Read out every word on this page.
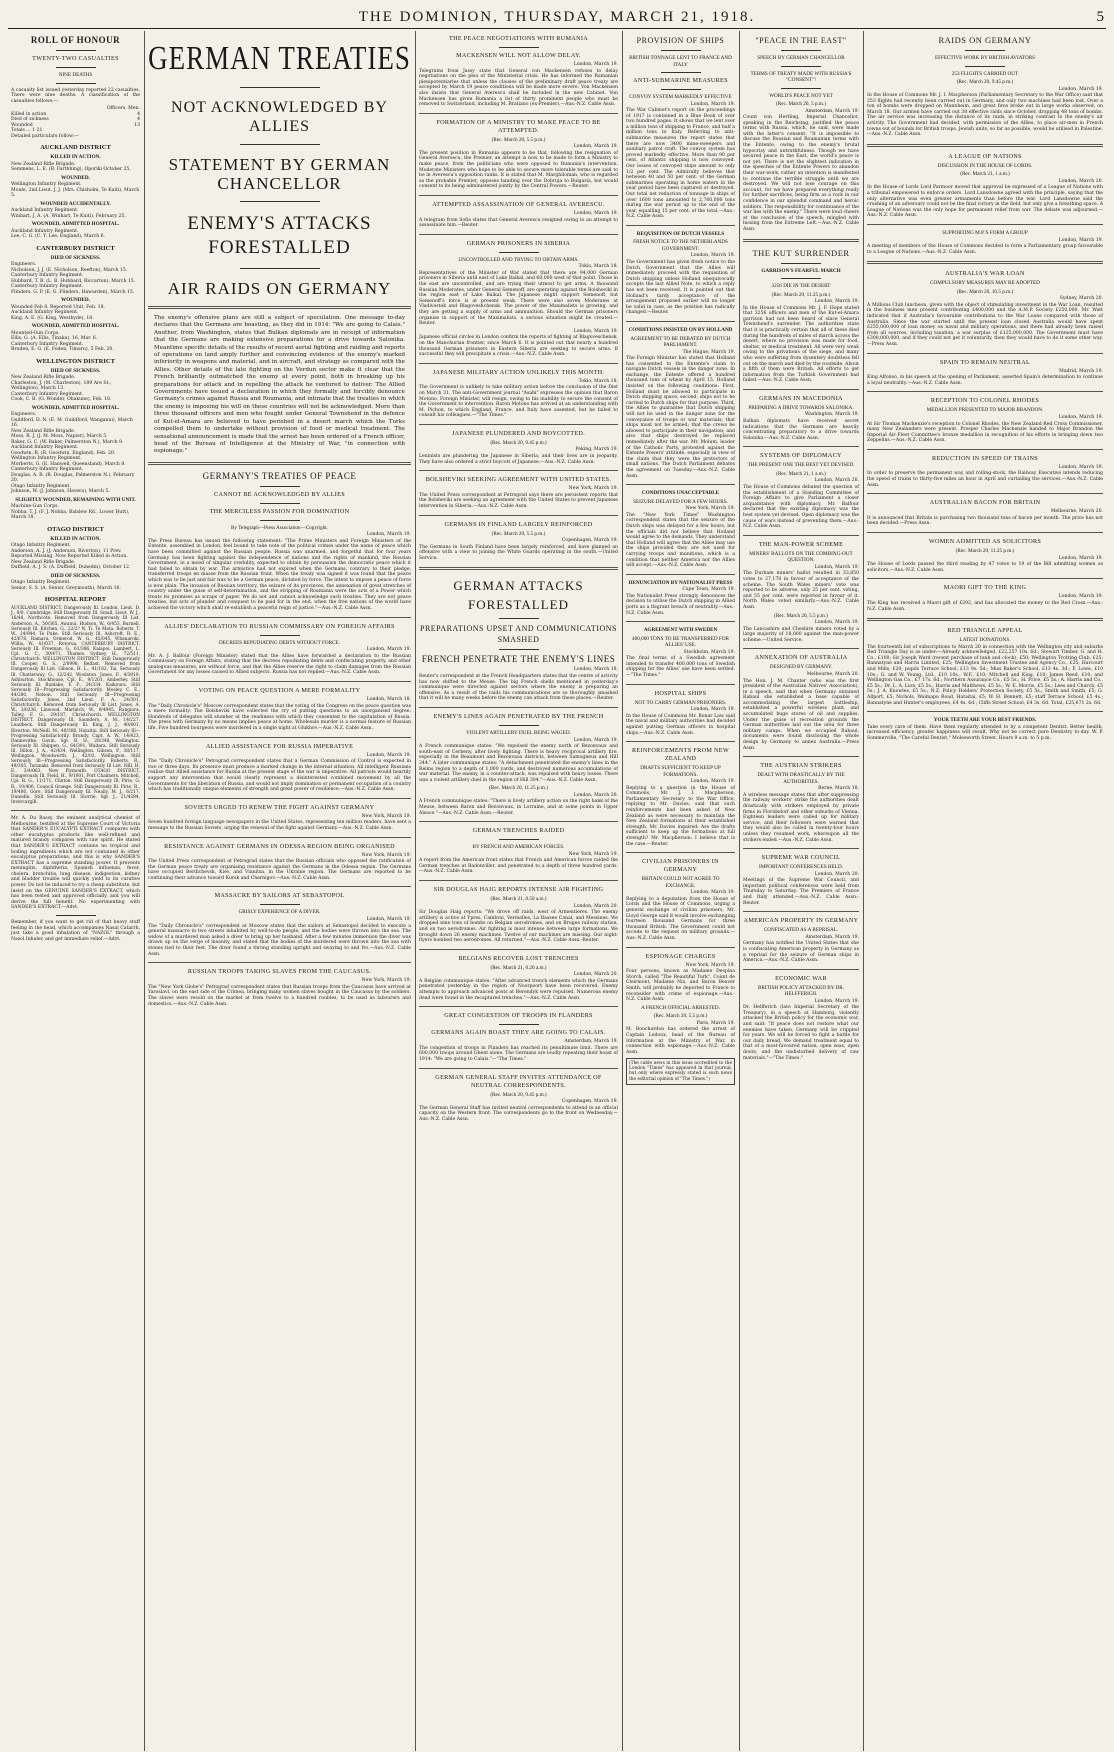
THE DOMINION, THURSDAY, MARCH 21, 1918.	5
ROLL OF HONOUR
TWENTY-TWO CASUALTIES
NINE DEATHS

A casualty list issued yesterday reported 22 casualties. There were nine deaths. A classification of the casualties follows:—

Officers. Men.
Killed in action	4
Died of sickness	4
Wounded	13
Totals ... 1 21
Detailed particulars follow:—
AUCKLAND DISTRICT
KILLED IN ACTION.
New Zealand Rifle Brigade.
Semmens, L. E. (B. Farthhing), Oporiki October 25.
WOUNDED.
Wellington Infantry Regiment.
Moule, 2nd Lieut. J. J. (Mrs. Chisholm, Te Kuiti), March 5.
WOUNDED ACCIDENTALLY.
Auckland Infantry Regiment.
Winhart, J. A. (A. Winhart, Te Kuiti), February 25.
WOUNDED, ADMITTED HOSPITAL.
Auckland Infantry Regiment.
Lee, C. G. (C. Y. Lee, England), March 6.
CANTERBURY DISTRICT
DIED OF SICKNESS.
Engineers.
Nicholson, J. J. (E. Nicholson, Reefton), March 15.
Canterbury Infantry Regiment.
Hubbard, T. B. (L. B. Hubbard, Riccarton), March 15.
Canterbury Infantry Regiment.
Flinders, G. P. (E. G. Flinders, Hawarden), March 15.
WOUNDED.
Wounded Feb 8. Reported Unit, Feb. 18.
Auckland Infantry Regiment.
King, A. E. (G. King, Westbyde), 18.
WOUNDED, ADMITTED HOSPITAL.
Mounted-Gun Corps.
Ellis, G. (A. Ellis, Tinaka), 16, Mar. 6.
Canterbury Infantry Regiment.
Bruden, E. G. (E. Foden, Timaru), 5 Feb. 20.
WELLINGTON DISTRICT
DIED OF SICKNESS.
New Zealand Rifle Brigade.
Charleston, J. (M. Charleston), 189 Are St., Wellington), March 13.
Canterbury Infantry Regiment.
Cook, C. B. (G. Wonder, Ohakune), Feb. 18.
WOUNDED, ADMITTED HOSPITAL.
Engineers.
Guildford, D. N. (E. M. Guildford, Wanganui), March 16.
New Zealand Rifle Brigade.
Moss, R. J. (J. M. Moss, Napier), March 5.
Baker, G. C. (W. Baker, Palmerston N.), March 9.
Auckland Infantry Regiment.
Goodwin, R. (R. Goodwin, England), Feb. 20.
Wellington Infantry Regiment.
Morberts, G. (E. Hanwell, Queensland), March 8.
Canterbury Infantry Regiment.
Douglas, A. R. (R. Douglas, Palmerston N.), February 20.
Otago Infantry Regiment.
Johnson, W. (J. Johnson, Havera), March 5.
SLIGHTLY WOUNDED, REMAINING WITH UNIT.
Machine-Gun Corps.
Nobba, T. J. (F. J. Nobba, Balslew Rd., Lower Hutt), March 18.
OTAGO DISTRICT
KILLED IN ACTION.
Otago Infantry Regiment.
Anderson, A. J. (J. Anderson, Riverton), 11 Prev. Reported Missing, Now Reported Killed in Action.
New Zealand Rifle Brigade.
Duffield, A. J. S. (A. Duffield, Dunedin), October 12.
DIED OF SICKNESS.
Otago Infantry Regiment.
Senior, S. S. (A. Senior, Greymouth), March 16.
HOSPITAL REPORT

AUCKLAND DISTRICT. Dangerously Ill. London, Lieut. D. J., 8/0, Cambridge. Still Dangerously Ill. Small, Lieut. W. J., 16/48, Northcote. Removed from Dangerously Ill List. Anderson, A., 50/365, Awanui. Hudson, W., 6/453, Burnell. Seriously Ill. Kitchen, G., 22/2? N. Ti. Te Mata. Roberts, T. W., 24/944, Te Puke. Still Seriously Ill. Ashcroft, R. E., 42/678, Ramaru. Ormerod, W. G., 45/045, Whanaroki. Willis, W., 41/037, Rotorua. CANTERBURY DISTRICT. Seriously Ill. Freeman, G., 61/386, Kaiapoi. Lambert, L. Cpl. G. C., 30/471, Thames. Sydney, H., 72/511, Christchurch. WELLINGTON DISTRICT. Still Dangerously Ill. Cooper, G. S., 2/0998, Belfast. Removed from Dangerously Ill List. Gibson, H. L., 41/182, Tai. Seriously Ill. Chatterway, G., 12/242, Woolston. Jones, F., 4/3019, Ashburton. Stockhouse, Cpl. E., 9/1201, Amberley. Still Seriously Ill. Bunlake, F. F., 24/334, Kaikoura. Still Seriously Ill—Progressing Satisfactorily. Mosley, C. E., 44/280, Nelson. Still Seriously Ill—Progressing Satisfactorily. Jones, 2nd Lieut. F. A., 24/301, Christchurch. Removed from Seriously Ill List. Jones, A. W., 3/0236, Linwood. Marlatch, W., 9/4945, Rangiora. Talley, F. G., 29/187, Christchurch. WELLINGTON DISTRICT. Dangerously Ill. Saunders, A. M., 14/227, Leadbeck. Still Dangerously Ill. King, J. J., 40/401, Riverton. McNeill, M., 40/306, Hataitai. Still Seriously Ill—Progressing Satisfactorily. Brundy, Capt. A. W., 14/423, Dannevirke. Gavin, Sgt. R. H., 28/348, Wellington. Seriously Ill. Shippen, G., 64/391, Waitara. Still Seriously Ill. Dillon, J. A., 42/434, Wellington. Gibson, P., 38/117, Wellington. Woodworth, J., 42/03, Wellington. Still Seriously Ill—Progressing Satisfactorily. Roberts, R., 49/305, Taranaki. Removed from Seriously Ill List. Hill, H. E., 3/4/063, New Plymouth. OTAGO DISTRICT. Dangerously Ill. Field, H., 9/1001, Port Chalmers. Mitchell, Cpl. R. G., 11/171, Clinton. Still Dangerously Ill. Pirie, G. R., 10/406, Council Grange. Still Dangerously Ill. Pirie, R., 19/406, Gore. Still Dangerously Ill. Neally, M. J., 6/217, Dunedin. Still Seriously Ill. Storrie, Sgt. J., 21/4384, Invercargill.

Mr. A. Du Bassy, the eminent analytical chemist of Melbourne, testified at the Supreme Court of Victoria that SANDER'S EUCALYPTI EXTRACT compares with other eucalyptus products like well-refined and matured brandy compares with raw spirit. He stated that SANDER'S EXTRACT contains no tropical and boiling ingredients which are not contained in other eucalyptus preparations, and this is why SANDER'S EXTRACT has a supreme standing power. It prevents meningitis, diphtheria, Spanish influenza, fever, cholera, bronchitis, lung disease, indigestion, kidney and bladder trouble will quickly yield to its curative power. Do not be induced to try a cheap substitute, but insist on the GENUINE SANDER'S EXTRACT, which has been tested and approved officially, and you will derive the full benefit. No experimenting with SANDER'S EXTRACT.—Advt.

Remember, if you want to get rid of that heavy stuff feeling in the head, which accompanies Nasal Catarrh, just take a good inhalation of "NAZOL" through a Nazol Inhaler, and get immediate relief.—Advt.

GERMAN TREATIES
NOT ACKNOWLEDGED BY ALLIES
STATEMENT BY GERMAN CHANCELLOR
ENEMY'S ATTACKS FORESTALLED
AIR RAIDS ON GERMANY

The enemy's offensive plans are still a subject of speculation. One message to-day declares that the Germans are boasting, as they did in 1914: "We are going to Calais." Another, from Washington, states that Bulkan diplomats are in receipt of information that the Germans are making extensive preparations for a drive towards Salonika. Meantime specific details of the results of recent aerial fighting and raiding and reports of operations on land amply further and convincing evidence of the enemy's marked inferiority in weapons and material, and in aircraft, and strategy as compared with the Allies. Other details of the late fighting on the Verdun sector make it clear that the French brilliantly outmatched the enemy at every point, both in breaking up his preparations for attack and in repelling the attack he ventured to deliver. The Allied Governments have issued a declaration in which they formally and forcibly denounce Germany's crimes against Russia and Roumania, and intimate that the treaties in which the enemy is imposing his will on these countries will not be acknowledged. More than three thousand officers and men who fought under General Townshend in the defence of Kut-el-Amara are believed to have perished in a desert march which the Turks compelled them to undertake without provision of food or medical treatment. The sensational announcement is made that the arrest has been ordered of a French officer, head of the Bureau of Intelligence at the Ministry of War, "in connection with espionage."

GERMANY'S TREATIES OF PEACE
CANNOT BE ACKNOWLEDGED BY ALLIES
THE MERCILESS PASSION FOR DOMINATION
By Telegraph—Press Association—Copyright.
London, March 19.

The Press Bureau has issued the following statement: "The Prime Ministers and Foreign Ministers of the Entente, assembled in London, feel bound to take note of the political crimes under the name of peace which have been committed against the Russian people. Russia was unarmed, and forgetful that for four years Germany has been fighting against the independence of nations and the rights of mankind, the Russian Government, in a mood of singular credulity, expected to obtain by persuasion the democratic peace which it had failed to obtain by war. The armistice had not expired when the Germans, contrary to their pledge, transferred troops en masse from the Russian front. When the treaty was signed it was found that the peace which was to be just and fair was to be a German peace, dictated by force. The intent to impose a peace of force is now plain. The invasion of Russian territory, the seizure of its provinces, the annexation of great stretches of country under the guise of self-determination, and the stripping of Roumania were the acts of a Power which treats its promises as scraps of paper. We do not and cannot acknowledge such treaties. They are not peace treaties, but acts of plunder and conquest to be paid for in the end, when the free nations of the world have achieved the victory which shall re-establish a peaceful reign of justice."—Aus.-N.Z. Cable Assn.

ALLIES' DECLARATION TO RUSSIAN COMMISSARY ON FOREIGN AFFAIRS
DECREES REPUDIATING DEBTS WITHOUT FORCE.
London, March 19.

Mr. A. J. Balfour (Foreign Minister) stated that the Allies have forwarded a declaration to the Russian Commissary on Foreign Affairs, stating that the decrees repudiating debts and confiscating property, and other analogous measures, are without force, and that the Allies reserve the right to claim damages from the Russian Government for any losses caused to Allied subjects. Russia has not replied.—Aus.-N.Z. Cable Assn.

VOTING ON PEACE QUESTION A MERE FORMALITY
London, March 18.

The "Daily Chronicle's" Moscow correspondent states that the voting of the Congress on the peace question was a mere formality. The Bolsheviki have collected the cry of putting questions to an unorganised degree. Hundreds of delegates will slumber at the readiness with which they consented to the capitulation of Russia. The press with Germany by no means implies peace at home. Wholesale murder is a normal feature of Russian life. Five hundred bourgeois were murdered in a single night at Glukhov.—Aus.-N.Z. Cable Assn.

ALLIED ASSISTANCE FOR RUSSIA IMPERATIVE
London, March 19.

The "Daily Chronicle's" Petrograd correspondent states that a German Commission of Control is expected in two or three days. Its presence must produce a marked change in the internal situation. All intelligent Russians realise that Allied assistance for Russia at the present stage of the war is imperative. All patriots would heartily support any intervention that would clearly represent a disinterested combined movement by all the Governments for the liberation of Russia, and would not imply domination or permanent occupation of a country which has traditionally unique elements of strength and great power of resilience.—Aus.-N.Z. Cable Assn.

SOVIETS URGED TO RENEW THE FIGHT AGAINST GERMANY
New York, March 19.

Seven hundred foreign language newspapers in the United States, representing ten million readers, have sent a message to the Russian Soviets, urging the renewal of the fight against Germany.—Aus.-N.Z. Cable Assn.

RESISTANCE AGAINST GERMANS IN ODESSA REGION BEING ORGANISED
New York, March 19.

The United Press correspondent at Petrograd states that the Russian officials who opposed the ratification of the German peace treaty are organising resistance against the Germans in the Odessa region. The Germans have occupied Berdichevsk, Kiev, and Vinnitsa, in the Ukraine region. The Germans are reported to be continuing their advance toward Kursk and Chernigov.—Aus.-N.Z. Cable Assn.

MASSACRE BY SAILORS AT SEBASTOPOL
GRISLY EXPERIENCE OF A DIVER.
London, March 19.

The "Daily Chronicle's" correspondent at Moscow states that the sailors at Sebastopol decided to execute a general massacre in two streets inhabited by well-to-do people, and the bodies were thrown into the sea. The widow of a murdered man asked a diver to bring up her husband. After a few minutes immersion the diver was drawn up on the verge of insanity, and stated that the bodies of the murdered were thrown into the sea with stones tied to their feet. The diver found a throng standing upright and swaying to and fro.—Aus.-N.Z. Cable Assn.

RUSSIAN TROOPS TAKING SLAVES FROM THE CAUCASUS.
New York, March 19.

The "New York Globe's" Petrograd correspondent states that Russian troops from the Caucasus have arrived at Yaroslavl, on the east side of the Crimea, bringing many women slaves bought in the Caucasus by the soldiers. The slaves were resold on the market at from twelve to a hundred roubles, to be used as labourers and domestics.—Aus.-N.Z. Cable Assn.

THE PEACE NEGOTIATIONS WITH RUMANIA
MACKENSEN WILL NOT ALLOW DELAY.
London, March 19.

Telegrams from Jassy state that General von Mackensen refuses to delay negotiations on the plea of the Ministerial crisis. He has informed the Rumanian plenipotentiaries that unless the clauses of the preliminary draft peace treaty are accepted by March 19 peace conditions will be made more severe. Von Mackensen also insists that General Averescu shall be included in the new Cabinet. Von Mackensen has given Rumania a list of thirty prominent people who must be removed to Switzerland, including M. Bratiano (ex-Premier).—Aus.-N.Z. Cable Assn.

FORMATION OF A MINISTRY TO MAKE PEACE TO BE ATTEMPTED.
(Rec. March 20, 5.5 p.m.)
London, March 19.

The present position in Rumania appears to be that, following the resignation of General Averescu, the Premier, an attempt is now to be made to form a Ministry to make peace, from the politicians who were opposed to Rumania's intervention. Moderate Ministers who hope to be able to secure more tolerable terms are said to be in Averescu's opposition ranks. It is stated that M. Marghiloman, who is regarded as the probable Premier, opposes handing over the Dobruja to Bulgaria, but would consent to its being administered jointly by the Central Powers.—Reuter.

ATTEMPTED ASSASSINATION OF GENERAL AVERESCU.
London, March 19.

A telegram from Sofia states that General Averescu resigned owing to an attempt to assassinate him.—Reuter.

GERMAN PRISONERS IN SIBERIA
UNCONTROLLED AND TRYING TO OBTAIN ARMS.
Tokio, March 18.

Representatives of the Minister of War stated that there are 94,000 German prisoners in Siberia until east of Lake Baikal, and 60,000 west of that point. Those in the east are uncontrolled, and are trying their utmost to get arms. A thousand Russian Moderates, under General Semenoff, are operating against the Bolsheviki in the region east of Lake Baikal. The Japanese might support Semenoff, but Semenoff's force is at present weak. There were also seven Moderates at Vladivostok and Blagoveshchensk. The power of the Maximalists is growing, and they are getting a supply of arms and ammunition. Should the German prisoners organise in support of the Maximalists, a serious situation might be created.—Reuter.

London, March 19.

Japanese official circles in London confirm the reports of fighting at Blagoveschensk, on the Manchurian frontier, since March 6. It is pointed out that nearly a hundred thousand German prisoners in Eastern Siberia are seeking to secure arms. If successful they will precipitate a crisis.—Aus.-N.Z. Cable Assn.

JAPANESE MILITARY ACTION UNLIKELY THIS MONTH.
Tokio, March 18.

The Government is unlikely to take military action before the conclusion of the Diet on March 31. The anti-Government journal "Asahi" expresses the opinion that Baron Motono, Foreign Minister, will resign, owing to his inability to secure the consent of the Government to intervention. Baron Motono has arrived at an understanding with M. Pichon, to which England, France, and Italy have assented, but he failed to consult his colleagues.—"The Times."

JAPANESE PLUNDERED AND BOYCOTTED.
(Rec. March 20, 9.45 p.m.)
Peking, March 19.

Leninists are plundering the Japanese in Siberia, and their lives are in jeopardy. They have also ordered a strict boycott of Japanese.—Aus.-N.Z. Cable Assn.

BOLSHEVIKI SEEKING AGREEMENT WITH UNITED STATES.
New York, March 19.

The United Press correspondent at Petrograd says there are persistent reports that the Bolsheviki are seeking an agreement with the United States to prevent Japanese intervention in Siberia.—Aus.-N.Z. Cable Assn.

GERMANS IN FINLAND LARGELY REINFORCED
(Rec. March 20, 5.5 p.m.)
Copenhagen, March 19.

The Germans in South Finland have been largely reinforced, and have planned an offensive with a view to joining the White Guards operating in the south.—United Service.

GERMAN ATTACKS FORESTALLED
PREPARATIONS UPSET AND COMMUNICATIONS SMASHED
FRENCH PENETRATE THE ENEMY'S LINES
London, March 18.

Reuter's correspondent at the French Headquarters states that the centre of activity has now shifted to the Meuse. The big French shells mentioned in yesterday's communique were directed against sectors where the enemy is preparing an offensive. As a result of the raids his communications are so thoroughly smashed that it will be many weeks before the enemy can attack from these places.—Reuter.

ENEMY'S LINES AGAIN PENETRATED BY THE FRENCH
VIOLENT ARTILLERY DUEL BEING WAGED.
London, March 19.

A French communique states: "We repulsed the enemy north of Bezonvaux and south-east of Cerbeny, after lively fighting. There is heavy reciprocal artillery fire, especially in the Beaumont and Bezonvaux districts, between Samogneux and Hill 344." A later communique states: "A detachment penetrated the enemy's lines in the Reims region to a depth of 1,000 yards, and destroyed numerous accumulations of war material. The enemy, in a counter-attack, was repulsed with heavy losses. There was a violent artillery duel in the region of Hill 304."—Aus.-N.Z. Cable Assn.

(Rec. March 20, 11.25 p.m.)
London, March 20.

A French communique states: "There is lively artillery action on the right bank of the Meuse, between Baron and Bezonvaux, in Lorraine, and at some points in Upper Alsace."—Aus.-N.Z. Cable Assn.—Reuter.

GERMAN TRENCHES RAIDED
BY FRENCH AND AMERICAN FORCES.
New York, March 19.

A report from the American front states that French and American forces raided the German trenches at Badonviller, and penetrated to a depth of three hundred yards.—Aus.-N.Z. Cable Assn.

SIR DOUGLAS HAIG REPORTS INTENSE AIR FIGHTING
(Rec. March 21, 0.50 a.m.)
London, March 20.

Sir Douglas Haig reports: "We drove off raids, west of Armentieres. The enemy artillery is active at Ypres, Cambrai, Vermelles, La Bassee Canal, and Messines. We dropped nine tons of bombs on Belgian aerodromes, and on Bruges railway station, and on two aerodromes. Air fighting is most intense between large formations. We brought down 26 enemy machines. Twelve of our machines are missing. Our night-flyers bombed two aerodromes. All returned."—Aus.-N.Z. Cable Assn.-Reuter.

BELGIANS RECOVER LOST TRENCHES
(Rec. March 21, 0.20 a.m.)
London, March 20.

A Belgian communique states: "After advanced trench elements which the Germans penetrated yesterday in the region of Noorpoort have been recovered. Enemy attempts to approach advanced posts at Berendyk were repulsed. Numerous enemy dead were found in the recaptured trenches."—Aus.-N.Z. Cable Assn.

GREAT CONGESTION OF TROOPS IN FLANDERS
GERMANS AGAIN BOAST THEY ARE GOING TO CALAIS.
Amsterdam, March 19.

The congestion of troops in Flanders has reached its penultimate limit. There are 600,000 troops around Ghent alone. The Germans are loudly repeating their boast of 1914: "We are going to Calais."—"The Times."

GERMAN GENERAL STAFF INVITES ATTENDANCE OF NEUTRAL CORRESPONDENTS.
(Rec. March 20, 9.45 p.m.)
Copenhagen, March 19.

The German General Staff has invited neutral correspondents to attend in an official capacity on the Western front. The correspondents go to the front on Wednesday.—Aus.-N.Z. Cable Assn.

PROVISION OF SHIPS
BRITISH TONNAGE LENT TO FRANCE AND ITALY
ANTI-SUBMARINE MEASURES
CONVOY SYSTEM MARKEDLY EFFECTIVE
London, March 19.

The War Cabinet's report on the proceedings of 1917 is contained in a Blue Book of over two hundred pages. It shows that we lent over a million tons of shipping to France, and half a million tons to Italy. Referring to anti-submarine measures the report states that there are now 3400 mine-sweepers and auxiliary patrol craft. The convoy system has proved markedly effective. More than 90 per cent. of Atlantic shipping is now convoyed. Our losses of convoyed ships amount to only 1/2 per cent. The Admiralty believes that between 40 and 50 per cent. of the German submarines operating in home waters in the year period have been captured or destroyed. Our total net reduction of tonnage in ships of over 1600 tons amounted to 2,760,000 tons during the war period up to the end of the year, equalling 15 per cent. of the total.—Aus.-N.Z. Cable Assn.

REQUISITION OF DUTCH VESSELS
FRESH NOTICE TO THE NETHERLANDS GOVERNMENT.
London, March 19.

The Government has given fresh notice to the Dutch Government that the Allies will immediately proceed with the requisition of Dutch shipping unless Holland unequivocally accepts the last Allied Note, to which a reply has not been received. It is pointed out that Holland's tardy acceptance of the arrangement proposed earlier will no longer be valid in case, as the position has radically changed.—Reuter.

CONDITIONS INSISTED ON BY HOLLAND
AGREEMENT TO BE DEBATED BY DUTCH PARLIAMENT.
The Hague, March 19.

The Foreign Minister has stated that Holland has consented to the Entente's claim to navigate Dutch vessels in the danger zone. In exchange, the Entente offered a hundred thousand tons of wheat by April 15. Holland insisted on the following conditions: First, Holland must be allowed to participate in Dutch shipping space, second, ships not to be carried to Dutch ships for that purpose. Third, the Allies to guarantee that Dutch shipping will not be used in the danger zone for the conveyance of troops or war materials; that ships must not be armed; that the crews be allowed to participate in their navigation; and also that ships destroyed be replaced immediately after the war. Mr. Molum, leader of the Catholic Party, protested against the Entente Powers' attitude, especially in view of the claim that they were the protectors of small nations. The Dutch Parliament debates the agreement on Tuesday.—Aus.-N.Z. Cable Assn.

CONDITIONS UNACCEPTABLE
SEIZURE DELAYED FOR A FEW HOURS.
New York, March 19.

The "New York Times" Washington correspondent states that the seizure of the Dutch ships was delayed for a few hours, but the officials did not believe that Holland would agree to the demands. They understand that Holland will agree that the Allies may use the ships provided they are not used for carrying troops and munitions, which is a condition that neither America nor the Allies will accept.—Aus.-N.Z. Cable Assn.

DENUNCIATION BY NATIONALIST PRESS
Cape Town, March 19.

The Nationalist Press strongly denounces the decision to utilise the Dutch shipping in Allied ports as a flagrant breach of neutrality.—Aus.-N.Z. Cable Assn.

AGREEMENT WITH SWEDEN
400,000 TONS TO BE TRANSFERRED FOR ALLIES' USE.
Stockholm, March 19.

The final terms of a Swedish agreement intended to transfer 400,000 tons of Swedish shipping for the Allies' use have been settled.—"The Times."

HOSPITAL SHIPS
NOT TO CARRY GERMAN PRISONERS.
London, March 19.

In the House of Commons Mr. Bonar Law said the naval and military authorities had decided against putting German officers in hospital ships.—Aus.-N.Z. Cable Assn.

REINFORCEMENTS FROM NEW ZEALAND
DRAFTS SUFFICIENT TO KEEP UP FORMATIONS.
London, March 19.

Replying to a question in the House of Commons, Mr. J. I. Macpherson, Parliamentary Secretary to the War Office, replying to Mr. Davies, said that such reinforcements had been asked of New Zealand as were necessary to maintain the New Zealand formations at their established strength. Mr. Davies inquired: Are the drafts sufficient to keep up the formations at full strength? Mr. Macpherson: I believe that is the case.—Reuter.

CIVILIAN PRISONERS IN GERMANY
BRITAIN COULD NOT AGREE TO EXCHANGE.
London, March 19.

Replying to a deputation from the House of Lords and the House of Commons, urging a general exchange of civilian prisoners, Mr. Lloyd George said it would involve exchanging fourteen thousand Germans for three thousand British. The Government could not accede to the request on military grounds.—Aus.-N.Z. Cable Assn.

ESPIONAGE CHARGES
New York, March 19.

Four persons, known as Madame Despina Storch, called "The Beautiful Turk", Count de Cleirmont, Madame Nix, and Baron Beaver Smith, will probably be deported to France to reconsider with crime of espionage.—Aus.-N.Z. Cable Assn.

A FRENCH OFFICIAL ARRESTED.
(Rec. March 20, 5.5 p.m.)
Paris, March 19.

M. Bouchardon has ordered the arrest of Captain Ledoux, head of the Bureau of Information at the Ministry of War, in connection with espionage.—Aus.-N.Z. Cable Assn.

(The cable news in this issue accredited to the London "Times" has appeared in that journal, but only where expressly stated is such news the editorial opinion of "The Times.")

"PEACE IN THE EAST"
SPEECH BY GERMAN CHANCELLOR
TERMS OF TREATY MADE WITH RUSSIA'S "CONSENT"!
WORLD'S PEACE NOT YET
(Rec. March 20, 5 p.m.)
Amsterdam, March 19.

Count von Hertling, Imperial Chancellor, speaking in the Reichstag, justified the peace terms with Russia, which, he said, were made with the latter's consent. "It is impossible to discuss the Russian and Roumanian terms with the Entente, owing to the enemy's brutal hypocrisy and untruthfulness. Though we have secured peace in the East, the world's peace is not yet. There is not the slightest indication in the speeches of the Entente Powers to abandon their war-work, rather an intention is manifested to continue the terrible struggle until we are destroyed. We will not lose courage on this account, for we have prepared everything ready for further sacrifices, being firm as a rock in our confidence in our splendid command and heroic soldiers. The responsibility for continuance of the war lies with the enemy." There were loud cheers at the conclusion of the speech, mingled with hissing from the Extreme Left.—Aus.-N.Z. Cable Assn.

THE KUT SURRENDER
GARRISON'S FEARFUL MARCH
3256 DIE IN THE DESERT
(Rec. March 20, 11.25 p.m.)
London, March 19.

In the House of Commons Mr. J. F. Hope stated that 3256 officers and men of the Kut-el-Amara garrison had not been heard of since General Townshend's surrender. The authorities state that it is practically certain that all of these died during the hundreds of miles of march across the desert, where no provision was made for food, shelter, or medical treatment. All were very weak owing to the privations of the siege, and many who were suffering from dysentery doubtless fell out on the march and died by the roadside. About a fifth of them were British. All efforts to get information from the Turkish Government had failed.—Aus.-N.Z. Cable Assn.

GERMANS IN MACEDONIA
PREPARING A DRIVE TOWARDS SALONIKA.
Washington, March 19.

Balkan diplomats have received secret indications that the Germans are heavily concentrating preparatory to a drive towards Salonika.—Aus.-N.Z. Cable Assn.

SYSTEMS OF DIPLOMACY
THE PRESENT ONE THE BEST YET DEVISED.
(Rec. March 21, 1 a.m.)
London, March 20.

The House of Commons debated the question of the establishment of a Standing Committee of Foreign Affairs to give Parliament a closer acquaintance with diplomacy. Mr. Balfour declared that the existing diplomacy was the best system yet devised. Open diplomacy was the cause of wars instead of preventing them.—Aus.-N.Z. Cable Assn.

THE MAN-POWER SCHEME
MINERS' BALLOTS ON THE COMBING-OUT QUESTION.
London, March 19.

The Durham miners' ballot resulted in 33,850 votes to 27,178 in favour of acceptance of the scheme. The South Wales miners' vote was reported to be adverse, only 25 per cent. voting, and 55 per cent. were reported in favour of it. North Wales voted similarly.—Aus.-N.Z. Cable Assn.

(Rec. March 20, 5.5 p.m.)
London, March 19.

The Lancashire and Cheshire miners voted by a large majority of 18,000 against the man-power scheme.—United Service.

ANNEXATION OF AUSTRALIA
DESIGNED BY GERMANY.
Melbourne, March 20.

The Hon. J. M. Chanter (who was the first president of the Australian Natives' Association), in a speech, said that when Germany obtained Rabaul she established a base capable of accommodating the largest battleship, established a powerful wireless plant, and accumulated huge stores of oil and supplies. Under the guise of recreation grounds the German authorities laid out the area for three military camps. When we occupied Rabaul, documents were found disclosing the whole design by Germany to annex Australia.—Press Assn.

THE AUSTRIAN STRIKERS
DEALT WITH DRASTICALLY BY THE AUTHORITIES.
Berne, March 18.

A wireless message states that after suppressing the railway workers' strike the authorities dealt drastically with strikers employed by private firms in Floridsdorf and other suburbs of Vienna. Eighteen leaders were called up for military service, and their followers were warned that they would also be called in twenty-four hours unless they resumed work, whereupon all the strikers ended.—Aus.-N.Z. Cable Assn.

SUPREME WAR COUNCIL
IMPORTANT CONFERENCES HELD.
London, March 20.

Meetings of the Supreme War Council, and important political conferences were held from Thursday to Saturday. The Premiers of France and Italy attended.—Aus.-N.Z. Cable Assn.-Reuter.

AMERICAN PROPERTY IN GERMANY
CONFISCATED AS A REPRISAL.
Amsterdam, March 19.

Germany has notified the United States that she is confiscating American property in Germany as a reprisal for the seizure of German ships in America.—Aus.-N.Z. Cable Assn.

ECONOMIC WAR
BRITISH POLICY ATTACKED BY DR. HELFFERICH.
London, March 19.

Dr. Helfferich (late Imperial Secretary of the Treasury), in a speech at Hamburg, violently attacked the British policy for the economic war, and said: "If peace does not restore what our enemies have taken, Germany will be crippled for years. We will be forced to fight a battle for our daily bread. We demand treatment equal to that of a most-favoured nation, open seas, open doors, and the undisturbed delivery of raw materials."—"The Times."

RAIDS ON GERMANY
EFFECTIVE WORK BY BRITISH AVIATORS
253 FLIGHTS CARRIED OUT
(Rec. March 20, 9.45 p.m.)
London, March 19.

In the House of Commons Mr. J. I. Macpherson (Parliamentary Secretary to the War Office) said that 253 flights had recently been carried out in Germany, and only two machines had been lost. Over a ton of bombs were dropped on Mannheim, and great fires broke out in large works observed, on March 18. Our airmen have carried out 38 effective raids since October, dropping 48 tons of bombs. The air service was increasing the distance of its raids, in striking contrast to the enemy's air activity. The Government had decided, with permission of the Allies, to place air-men in French towns out of bounds for British troops. Jewish units, so far as possible, would be utilised in Palestine.—Aus.-N.Z. Cable Assn.

A LEAGUE OF NATIONS
DISCUSSION IN THE HOUSE OF LORDS.
(Rec. March 21, 1 a.m.)
London, March 20.

In the House of Lords Lord Parmoor moved that approval be expressed of a League of Nations with a tribunal empowered to enforce orders. Lord Lansdowne agreed with the principle, saying that the only alternative was even greater armaments than before the war. Lord Lansdowne said the crushing of an adversary could not be the final victory in the field, but only give a breathing space. A League of Nations was the only hope for permanent relief from war. The debate was adjourned.—Aus.-N.Z. Cable Assn.

SUPPORTING M.P.'S FORM A GROUP
London, March 19.

A meeting of members of the House of Commons decided to form a Parliamentary group favourable to a League of Nations.—Aus.-N.Z. Cable Assn.

AUSTRALIA'S WAR LOAN
COMPULSORY MEASURES MAY BE ADOPTED
(Rec. March 20, 10.5 p.m.)
Sydney, March 20.

A Millions Club luncheon, given with the object of stimulating investment in the War Loan, resulted in the business men present contributing £400,000 and the A.M.P. Society £250,000. Mr. Watt indicated that if Australia's favourable contributions to the War Loans compared with those of Australia. Since the war started until the present loan closed Australia would have spent £255,000,000 of loan money on naval and military operations, and there had already been raised from all sources, including taxation, a war surplus of £125,000,000. The Government must have £300,000,000, and if they could not get it voluntarily, then they would have to do it some other way.—Press Assn.

SPAIN TO REMAIN NEUTRAL
Madrid, March 19.

King Alfonso, in his speech at the opening of Parliament, asserted Spain's determination to continue a loyal neutrality.—Aus.-N.Z. Cable Assn.

RECEPTION TO COLONEL RHODES
MEDALLION PRESENTED TO MAJOR BRANDON.
London, March 19.

At Sir Thomas Mackenzie's reception to Colonel Rhodes, the New Zealand Red Cross Commissioner, many New Zealanders were present. Prosper Charles Mackenzie handed to Major Brandon the Imperial Air Fleet Committee's bronze medallion in recognition of his efforts in bringing down two Zeppelins.—Aus.-N.Z. Cable Assn.

REDUCTION IN SPEED OF TRAINS
London, March 19.

In order to preserve the permanent way and rolling-stock, the Railway Executive intends reducing the speed of trains to thirty-five miles an hour in April and curtailing the services.—Aus.-N.Z. Cable Assn.

AUSTRALIAN BACON FOR BRITAIN
Melbourne, March 20.

It is announced that Britain is purchasing two thousand tons of bacon per month. The price has not been decided.—Press Assn.

WOMEN ADMITTED AS SOLICITORS
(Rec. March 20, 11.25 p.m.)
London, March 19.

The House of Lords passed the third reading by 47 votes to 19 of the Bill admitting women as solicitors.—Aus.-N.Z. Cable Assn.

MAORI GIFT TO THE KING
London, March 19.

The King has received a Maori gift of £292, and has allocated the money to the Red Cross.—Aus.-N.Z. Cable Assn.

RED TRIANGLE APPEAL
LATEST DONATIONS.

The fourteenth list of subscriptions to March 20 in connection with the Wellington city and suburbs Red Triangle Day is as under:—Already acknowledged, £22,257 10s. 6d.; Stewart Timber, G. and H. Co., £100; Sir Joseph Ward (recent purchase of tank and clock), £50; Wellington Trotting Club, £25; Bannatyne and Harris Limited, £25; Wellington Investment Trustee and Agency Co., £25; Harcourt and Mills, £20; pupils Terrace School, £13 9s. 5d.; Miss Baker's School, £13 4s. 3d.; F. Lowe, £10 10s.; G. and W. Young, Ltd., £10 10s.; W.F., £10; Mitchell and King, £10; James Reed, £10; and Wellington Gas Co., £7 17s. 6d.; Northern Assurance Co., £5 5s.; H. Price, £5 5s.; A. Harris and Co., £5 5s.; Dr. L. A. Lion, £5 5s.; Harris and Matthews, £5 5s.; W. E. Morris, £5 5s.; Lees and Church, £5 5s.; J. A. Knowles, £5 5s.; N.Z. Policy Holders' Protection Society, £5 5s.; Smith and Smith, £5; G. Allport, £5; Nichols, Waimapu Road, Hataitai, £5; W. H. Bennett, £5; staff Terrace School, £5 4s.; Bannatyne and Hunter's employees, £4 4s. 6d.; Cliffs Street School, £4 3s. 6d. Total, £25,671 2s. 6d.

YOUR TEETH ARE YOUR BEST FRIENDS.

Take every care of them. Have them regularly attended to by a competent Dentist. Better health, increased efficiency, greater happiness will result. Why not be correct pure Dentistry to-day. W. P. Sommerville, "The Careful Dentist," Molesworth Street. Hours 9 a.m. to 5 p.m.
